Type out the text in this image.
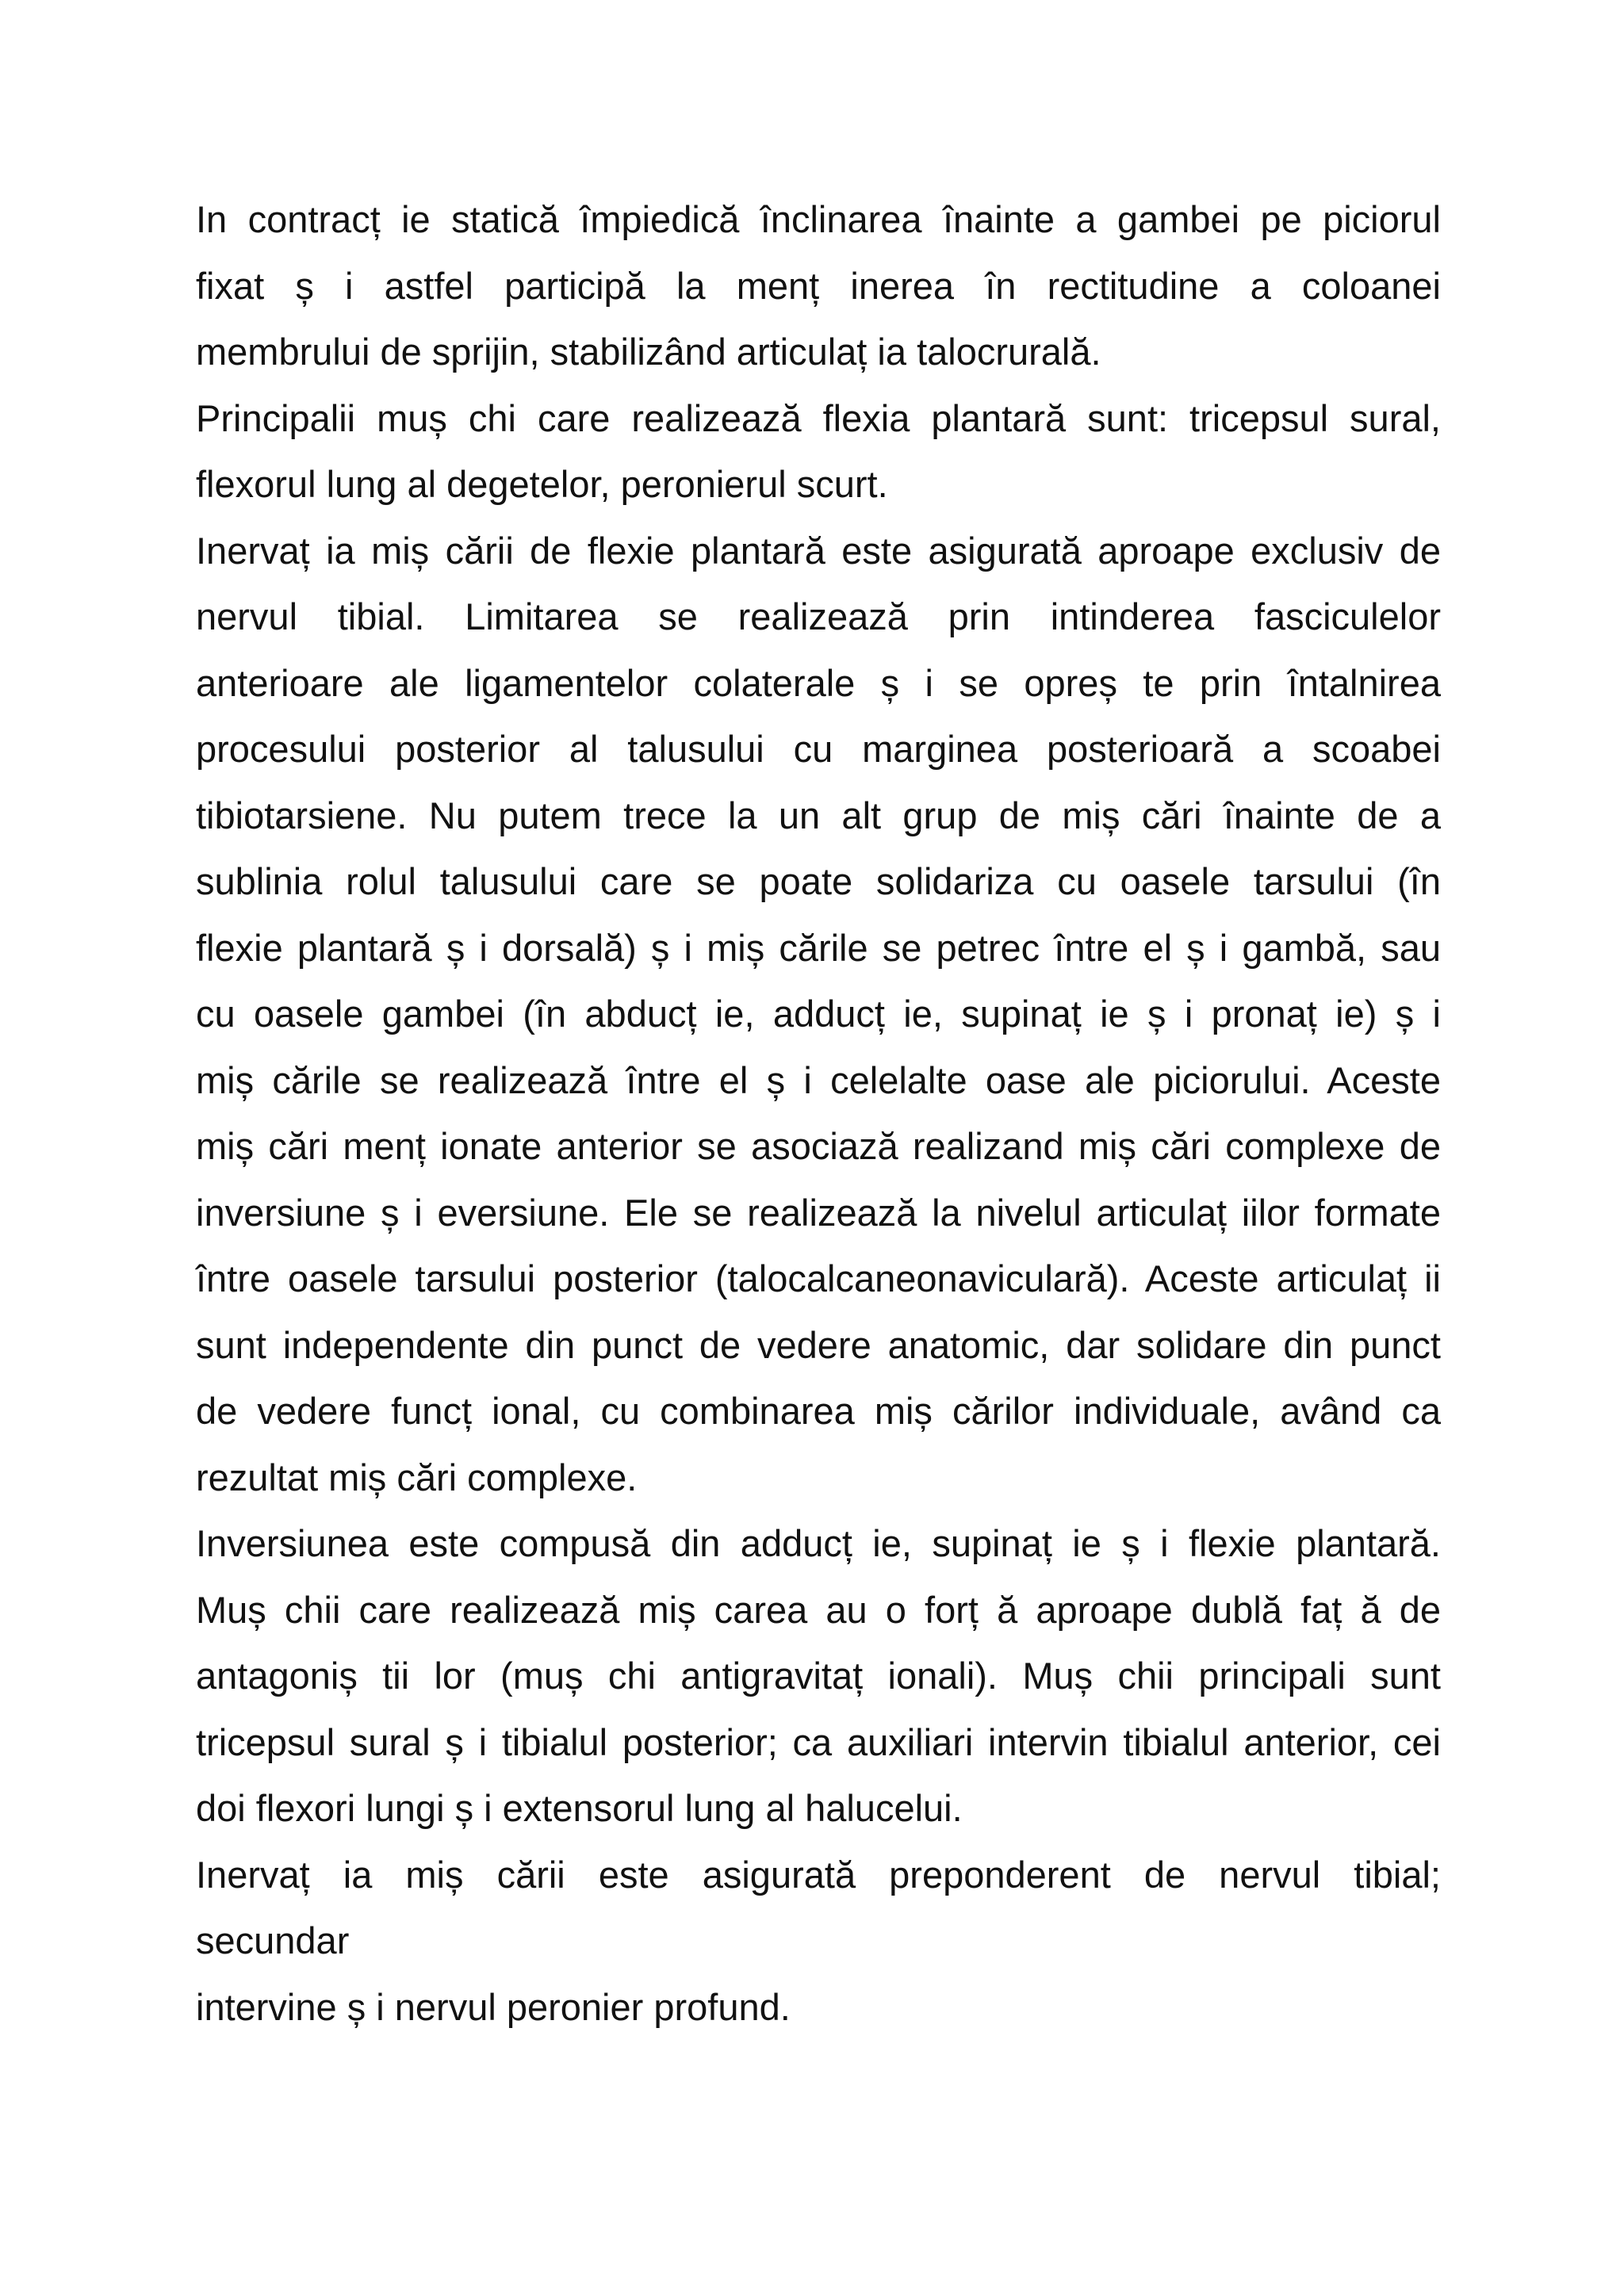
In contracț ie statică împiedică înclinarea înainte a gambei pe piciorul
fixat ș i astfel participă la menț inerea în rectitudine a coloanei
membrului de sprijin, stabilizând articulaț ia talocrurală.
Principalii muș chi care realizează flexia plantară sunt: tricepsul sural,
flexorul lung al degetelor, peronierul scurt.
Inervaț ia miș cării de flexie plantară este asigurată aproape exclusiv de
nervul tibial. Limitarea se realizează prin intinderea fasciculelor
anterioare ale ligamentelor colaterale ș i se opreș te prin întalnirea
procesului posterior al talusului cu marginea posterioară a scoabei
tibiotarsiene. Nu putem trece la un alt grup de miș cări înainte de a
sublinia rolul talusului care se poate solidariza cu oasele tarsului (în
flexie plantară ș i dorsală) ș i miș cările se petrec între el ș i gambă, sau
cu oasele gambei (în abducț ie, adducț ie, supinaț ie ș i pronaț ie) ș i
miș cările se realizează între el ș i celelalte oase ale piciorului. Aceste
miș cări menț ionate anterior se asociază realizand miș cări complexe de
inversiune ș i eversiune. Ele se realizează la nivelul articulaț iilor formate
între oasele tarsului posterior (talocalcaneonaviculară). Aceste articulaț ii
sunt independente din punct de vedere anatomic, dar solidare din punct
de vedere funcț ional, cu combinarea miș cărilor individuale, având ca
rezultat miș cări complexe.
Inversiunea este compusă din adducț ie, supinaț ie ș i flexie plantară.
Muș chii care realizează miș carea au o forț ă aproape dublă faț ă de
antagoniș tii lor (muș chi antigravitaț ionali). Muș chii principali sunt
tricepsul sural ș i tibialul posterior; ca auxiliari intervin tibialul anterior, cei
doi flexori lungi ș i extensorul lung al halucelui.
Inervaț ia miș cării este asigurată preponderent de nervul tibial;
secundar
intervine ș i nervul peronier profund.
